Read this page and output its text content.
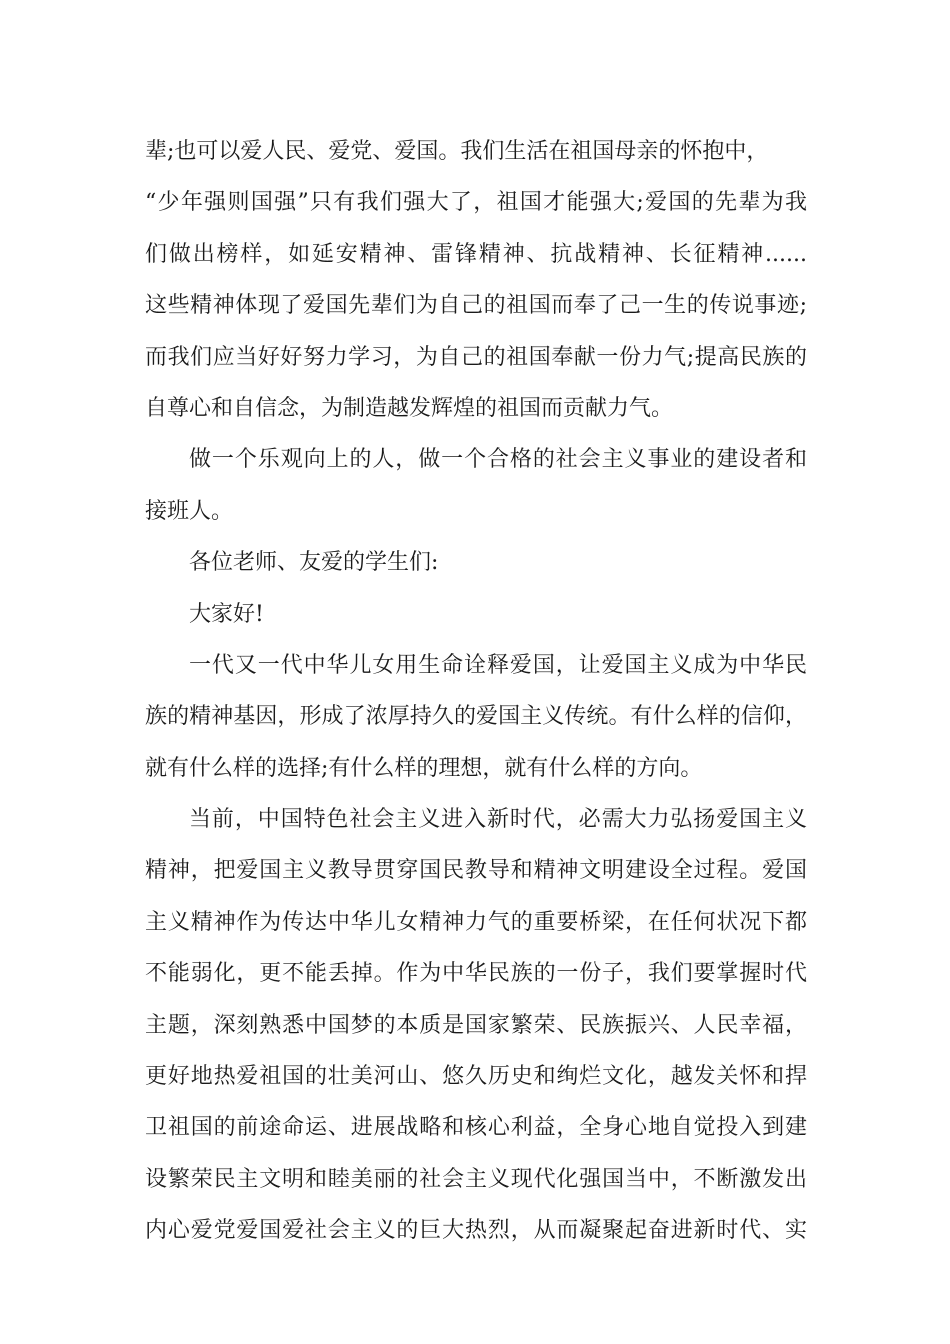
辈;也可以爱人民、爱党、爱国。我们生活在祖国母亲的怀抱中，
“少年强则国强”只有我们强大了，祖国才能强大;爱国的先辈为我
们做出榜样，如延安精神、雷锋精神、抗战精神、长征精神......
这些精神体现了爱国先辈们为自己的祖国而奉了己一生的传说事迹;
而我们应当好好努力学习，为自己的祖国奉献一份力气;提高民族的
自尊心和自信念，为制造越发辉煌的祖国而贡献力气。
做一个乐观向上的人，做一个合格的社会主义事业的建设者和
接班人。
各位老师、友爱的学生们:
大家好!
一代又一代中华儿女用生命诠释爱国，让爱国主义成为中华民
族的精神基因，形成了浓厚持久的爱国主义传统。有什么样的信仰，
就有什么样的选择;有什么样的理想，就有什么样的方向。
当前，中国特色社会主义进入新时代，必需大力弘扬爱国主义
精神，把爱国主义教导贯穿国民教导和精神文明建设全过程。爱国
主义精神作为传达中华儿女精神力气的重要桥梁，在任何状况下都
不能弱化，更不能丢掉。作为中华民族的一份子，我们要掌握时代
主题，深刻熟悉中国梦的本质是国家繁荣、民族振兴、人民幸福，
更好地热爱祖国的壮美河山、悠久历史和绚烂文化，越发关怀和捍
卫祖国的前途命运、进展战略和核心利益，全身心地自觉投入到建
设繁荣民主文明和睦美丽的社会主义现代化强国当中，不断激发出
内心爱党爱国爱社会主义的巨大热烈，从而凝聚起奋进新时代、实
